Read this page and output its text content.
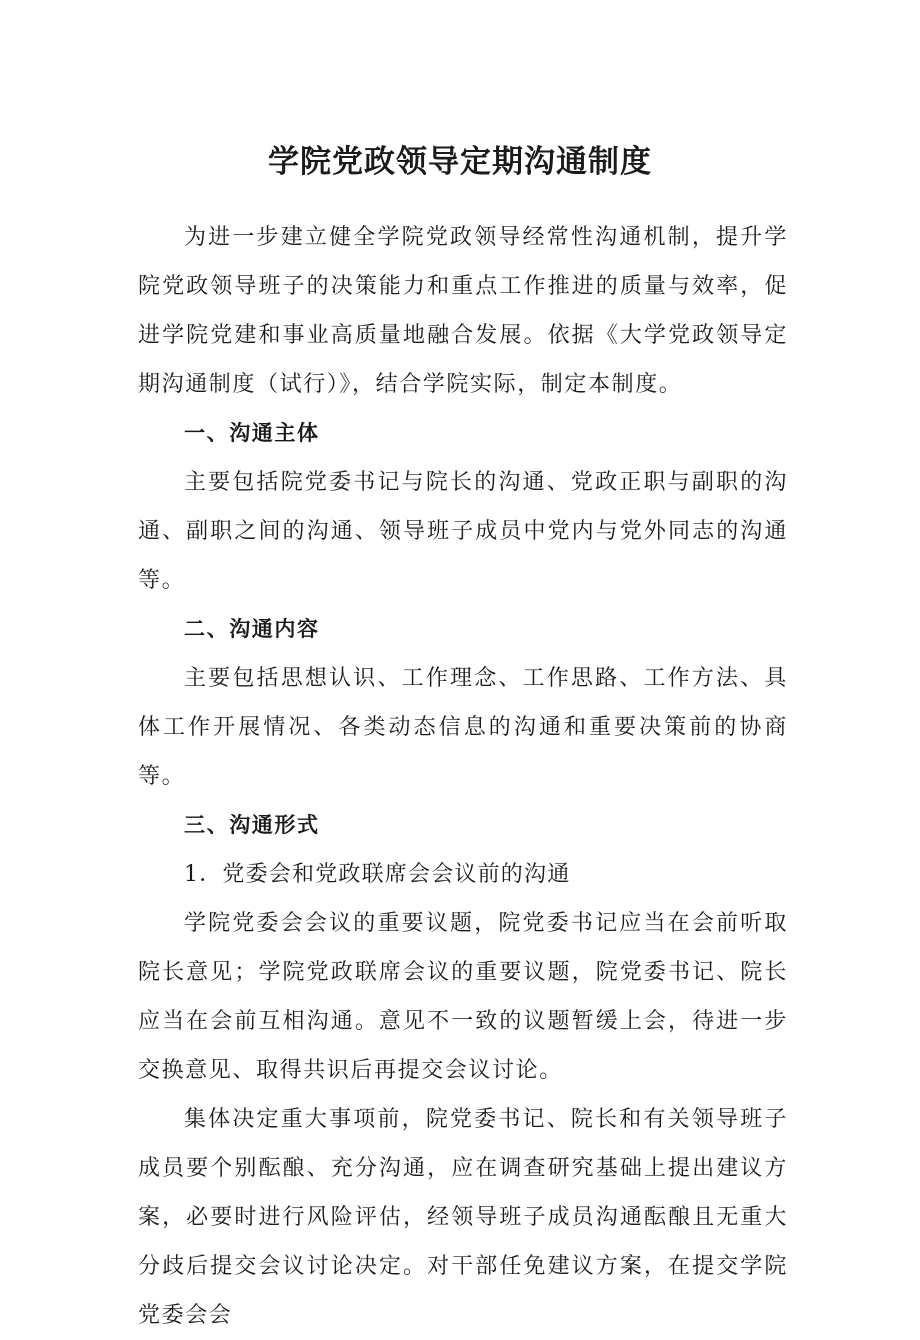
学院党政领导定期沟通制度

为进一步建立健全学院党政领导经常性沟通机制，提升学院党政领导班子的决策能力和重点工作推进的质量与效率，促进学院党建和事业高质量地融合发展。依据《大学党政领导定期沟通制度（试行）》，结合学院实际，制定本制度。

一、沟通主体

主要包括院党委书记与院长的沟通、党政正职与副职的沟通、副职之间的沟通、领导班子成员中党内与党外同志的沟通等。

二、沟通内容

主要包括思想认识、工作理念、工作思路、工作方法、具体工作开展情况、各类动态信息的沟通和重要决策前的协商等。

三、沟通形式

1．党委会和党政联席会会议前的沟通

学院党委会会议的重要议题，院党委书记应当在会前听取院长意见；学院党政联席会议的重要议题，院党委书记、院长应当在会前互相沟通。意见不一致的议题暂缓上会，待进一步交换意见、取得共识后再提交会议讨论。

集体决定重大事项前，院党委书记、院长和有关领导班子成员要个别酝酿、充分沟通，应在调查研究基础上提出建议方案，必要时进行风险评估，经领导班子成员沟通酝酿且无重大分歧后提交会议讨论决定。对干部任免建议方案，在提交学院党委会会
